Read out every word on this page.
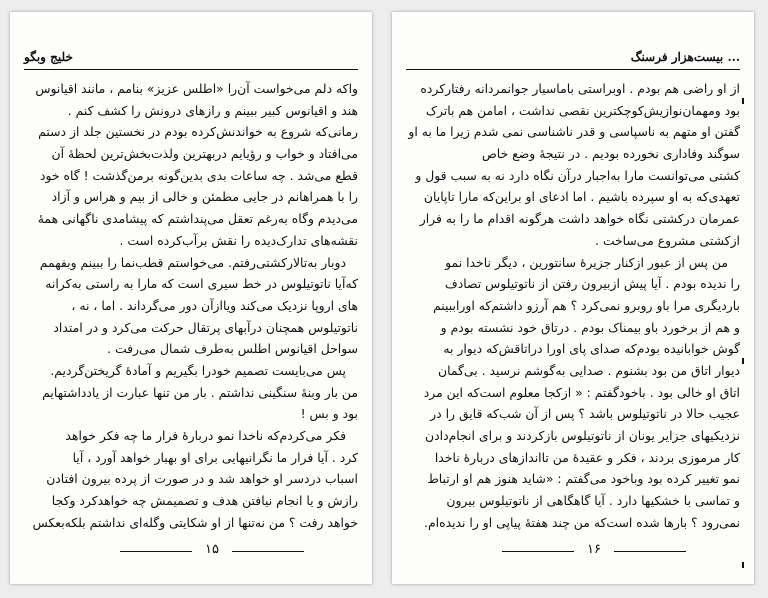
خلیج وبگو
واکه دلم می‌خواست آن‌را «اطلس عزیز» بنامم ، مانند اقیانوس
هند و اقیانوس کبیر ببینم و رازهای درونش را کشف کنم .
رمانی‌که شروع به خواندنش‌کرده بودم در نخستین جلد از دستم
می‌افتاد و خواب و رؤیایم دربهترین ولذت‌بخش‌ترین لحظهٔ آن
قطع می‌شد . چه ساعات بدی بدین‌گونه برمن‌گذشت ! گاه خود
را با همراهانم در جایی مطمئن و خالی از بیم و هراس و آزاد
می‌دیدم وگاه به‌رغم تعقل می‌پنداشتم که پیشامدی ناگهانی همهٔ
نقشه‌های تدارک‌دیده را نقش برآب‌کرده است .
دوبار به‌تالارکشتی‌رفتم. می‌خواستم قطب‌نما را ببینم وبفهمم
که‌آیا ناتوتیلوس در خط سیری است که مارا به راستی به‌کرانه‌
های اروپا نزدیک می‌کند ویاازآن دور می‌گرداند . اما ، نه ،
ناتوتیلوس همچنان درآبهای پرتقال حرکت می‌کرد و در امتداد
سواحل اقیانوس اطلس به‌طرف شمال می‌رفت .
پس می‌بایست تصمیم خودرا بگیریم و آمادهٔ گریختن‌گردیم.
من بار وبنهٔ سنگینی نداشتم . بار من تنها عبارت از یادداشتهایم
بود و بس !
فکر می‌کردم‌که ناخدا نمو دربارهٔ فرار ما چه فکر خواهد
کرد . آیا فرار ما نگرانیهایی برای او بهبار خواهد آورد ، آیا
اسباب دردسر او خواهد شد و در صورت از پرده بیرون افتادن
رازش و یا انجام نیافتن هدف و تصمیمش چه خواهدکرد وکجا
خواهد رفت ؟ من نه‌تنها از او شکایتی وگله‌ای نداشتم بلکه‌بعکس
۱۵
بیست‌هزار فرسنگ ...
از او راضی هم بودم . اوبراستی باماسیار جوانمردانه رفتارکرده‌
بود ومهمان‌نوازیش‌کوچکترین نقصی نداشت ، امامن هم باترک
گفتن او متهم به ناسپاسی و قدر ناشناسی نمی شدم زیرا ما به او
سوگند وفاداری نخورده بودیم . در نتیجهٔ وضع خاص
کشتی‌ می‌توانست مارا به‌اجبار درآن نگاه دارد نه به سبب قول و
تعهدی‌که به او سپرده باشیم . اما ادعای او براین‌که مارا تاپایان
عمرمان درکشتی نگاه خواهد داشت هرگونه اقدام ما را به فرار
ازکشتی مشروع می‌ساخت .
من پس از عبور ازکنار جزیرهٔ سانتورین ، دیگر ناخدا نمو
را ندیده بودم . آیا پیش ازبیرون رفتن از ناتوتیلوس تصادف
باردیگری مرا باو روبرو نمی‌کرد ؟ هم آرزو داشتم‌که اوراببینم
و هم از برخورد باو بیمناک بودم . درتاق خود نشسته بودم و
گوش خوابانیده بودم‌که صدای پای اورا دراتاقش‌که دیوار به
دیوار اتاق من بود بشنوم . صدایی به‌گوشم نرسید . بی‌گمان
اتاق او خالی بود . باخود‌گفتم : « ازکجا معلوم است‌که این مرد
عجیب حالا در ناتوتیلوس باشد ؟ پس از آن شب‌که قایق را در
نزدیکیهای جزایر یونان از ناتوتیلوس بازکردند و برای انجام‌دادن
کار مرموزی بردند ، فکر و عقیدهٔ من تااندازهای دربارهٔ ناخدا
نمو تغییر کرده بود وباخود می‌گفتم : «شاید هنوز هم او ارتباط
و تماسی با خشکیها دارد . آیا گاهگاهی از ناتوتیلوس بیرون
نمی‌رود ؟ بارها شده است‌که من چند هفتهٔ پیاپی او را ندیده‌ام.
۱۶
